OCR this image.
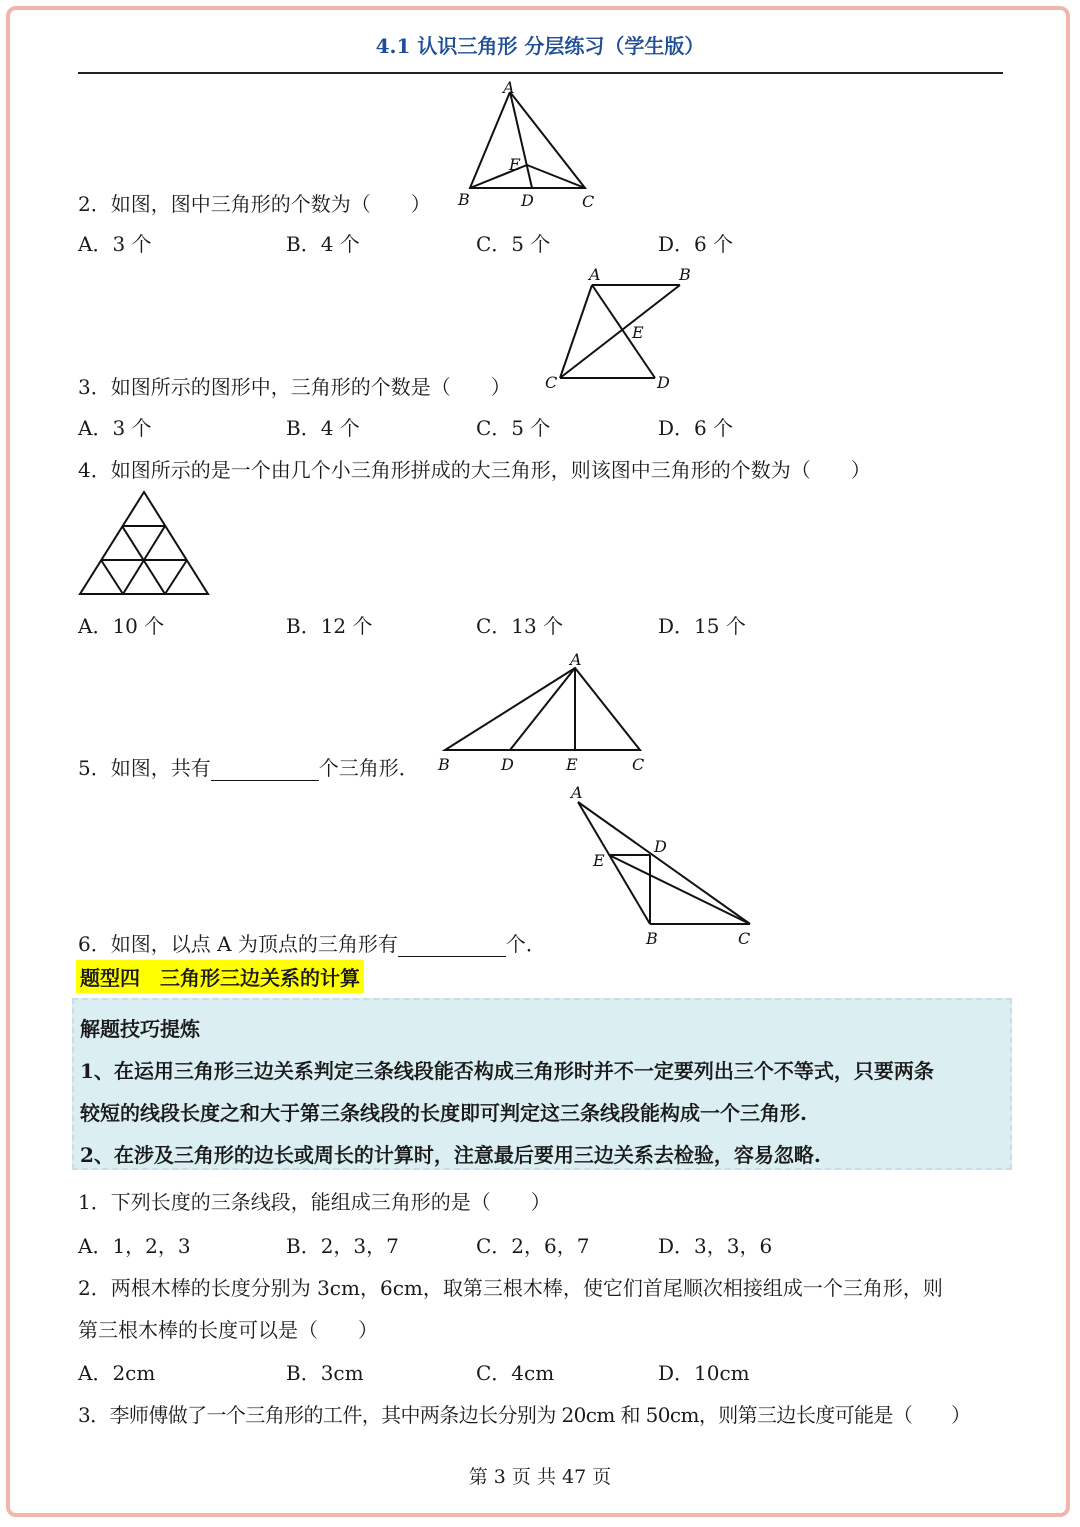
4.1 认识三角形 分层练习（学生版）
A
E
B	D	C
2．如图，图中三角形的个数为（　　）
A．3 个	B．4 个	C．5 个	D．6 个
A	B
E
C	D
3．如图所示的图形中，三角形的个数是（　　）
A．3 个	B．4 个	C．5 个	D．6 个
4．如图所示的是一个由几个小三角形拼成的大三角形，则该图中三角形的个数为（　　）
A．10 个	B．12 个	C．13 个	D．15 个
A
B	D	E	C
5．如图，共有	个三角形．
A
D
E
B	C
6．如图，以点 A 为顶点的三角形有	个．
题型四　三角形三边关系的计算
解题技巧提炼
1、在运用三角形三边关系判定三条线段能否构成三角形时并不一定要列出三个不等式，只要两条
较短的线段长度之和大于第三条线段的长度即可判定这三条线段能构成一个三角形.
2、在涉及三角形的边长或周长的计算时，注意最后要用三边关系去检验，容易忽略.
1．下列长度的三条线段，能组成三角形的是（　　）
A．1，2，3	B．2，3，7	C．2，6，7	D．3，3，6
2．两根木棒的长度分别为 3cm，6cm，取第三根木棒，使它们首尾顺次相接组成一个三角形，则
第三根木棒的长度可以是（　　）
A．2cm	B．3cm	C．4cm	D．10cm
3．李师傅做了一个三角形的工件，其中两条边长分别为 20cm 和 50cm，则第三边长度可能是（　　）
第 3 页 共 47 页
